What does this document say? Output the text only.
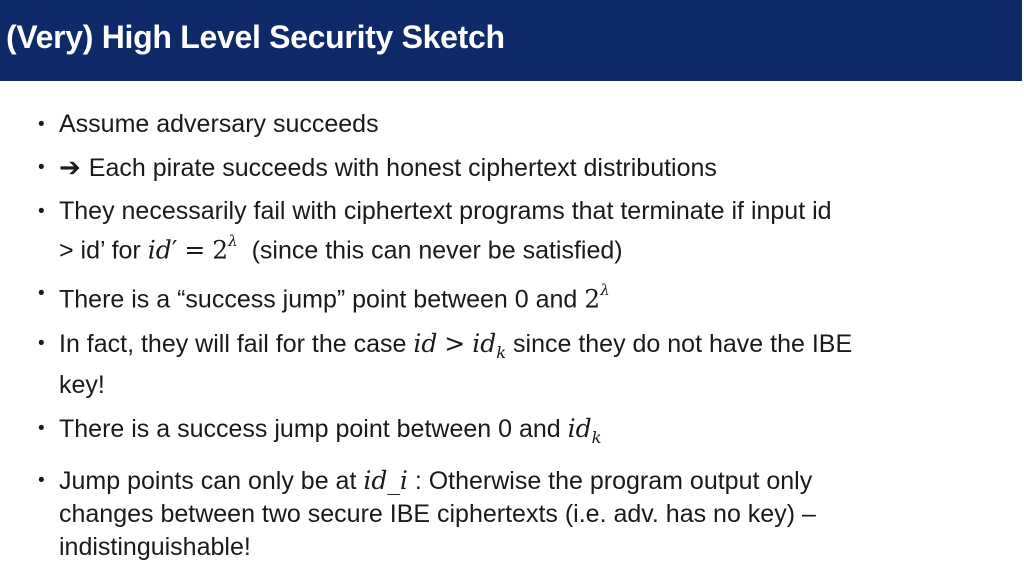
(Very) High Level Security Sketch
• Assume adversary succeeds
• ➔ Each pirate succeeds with honest ciphertext distributions
• They necessarily fail with ciphertext programs that terminate if input id
> id’ for $id' = 2^\lambda$ (since this can never be satisfied)
• There is a “success jump” point between 0 and $2^\lambda$
• In fact, they will fail for the case id > $id_k$ since they do not have the IBE
key!
• There is a success jump point between 0 and $id_k$
• Jump points can only be at id_i : Otherwise the program output only
changes between two secure IBE ciphertexts (i.e. adv. has no key) –
indistinguishable!
